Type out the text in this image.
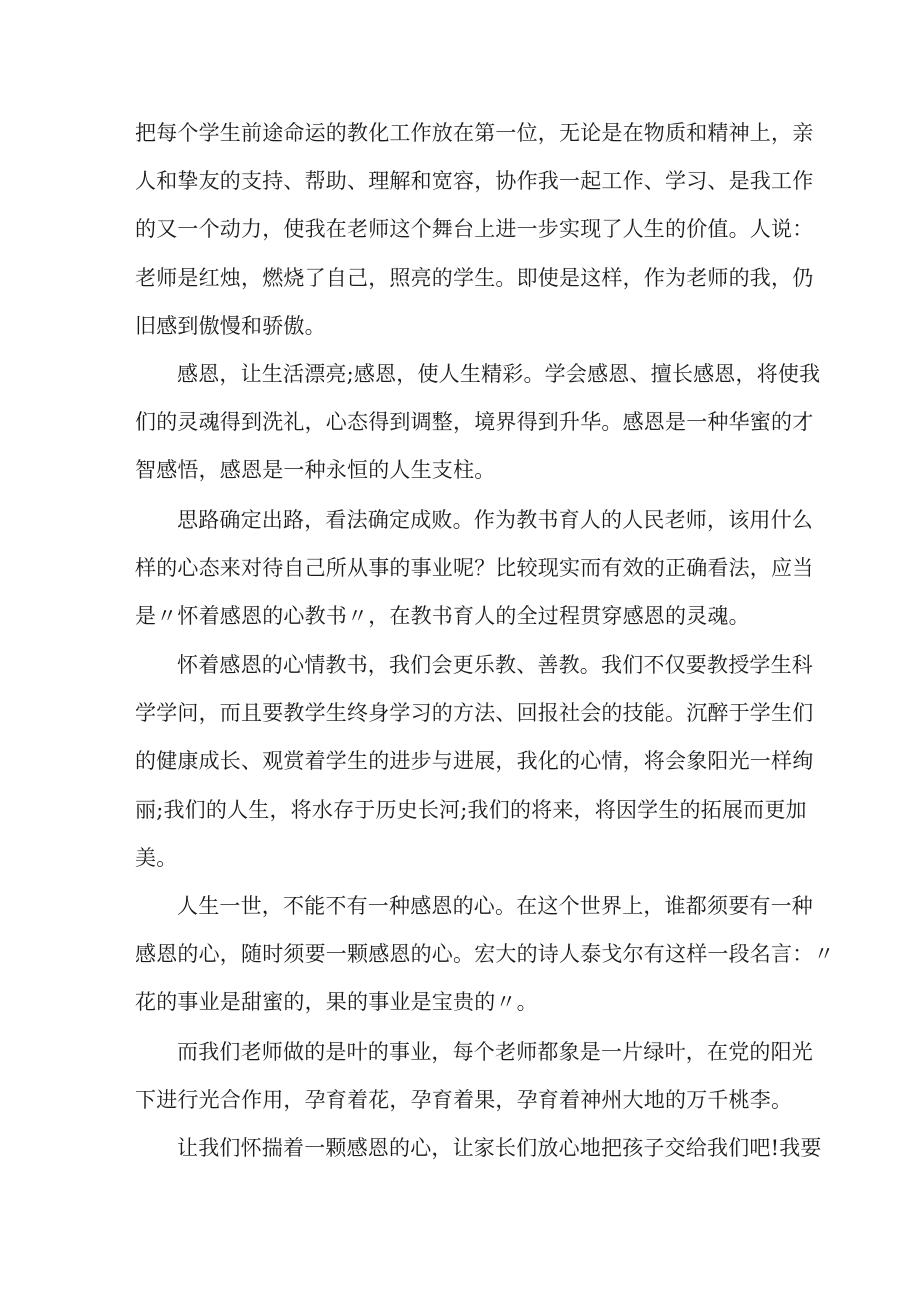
把每个学生前途命运的教化工作放在第一位，无论是在物质和精神上，亲
人和挚友的支持、帮助、理解和宽容，协作我一起工作、学习、是我工作
的又一个动力，使我在老师这个舞台上进一步实现了人生的价值。人说：
老师是红烛，燃烧了自己，照亮的学生。即使是这样，作为老师的我，仍
旧感到傲慢和骄傲。
感恩，让生活漂亮;感恩，使人生精彩。学会感恩、擅长感恩，将使我
们的灵魂得到洗礼，心态得到调整，境界得到升华。感恩是一种华蜜的才
智感悟，感恩是一种永恒的人生支柱。
思路确定出路，看法确定成败。作为教书育人的人民老师，该用什么
样的心态来对待自己所从事的事业呢？比较现实而有效的正确看法，应当
是〃怀着感恩的心教书〃，在教书育人的全过程贯穿感恩的灵魂。
怀着感恩的心情教书，我们会更乐教、善教。我们不仅要教授学生科
学学问，而且要教学生终身学习的方法、回报社会的技能。沉醉于学生们
的健康成长、观赏着学生的进步与进展，我化的心情，将会象阳光一样绚
丽;我们的人生，将水存于历史长河;我们的将来，将因学生的拓展而更加
美。
人生一世，不能不有一种感恩的心。在这个世界上，谁都须要有一种
感恩的心，随时须要一颗感恩的心。宏大的诗人泰戈尔有这样一段名言：〃
花的事业是甜蜜的，果的事业是宝贵的〃。
而我们老师做的是叶的事业，每个老师都象是一片绿叶，在党的阳光
下进行光合作用，孕育着花，孕育着果，孕育着神州大地的万千桃李。
让我们怀揣着一颗感恩的心，让家长们放心地把孩子交给我们吧!我要
